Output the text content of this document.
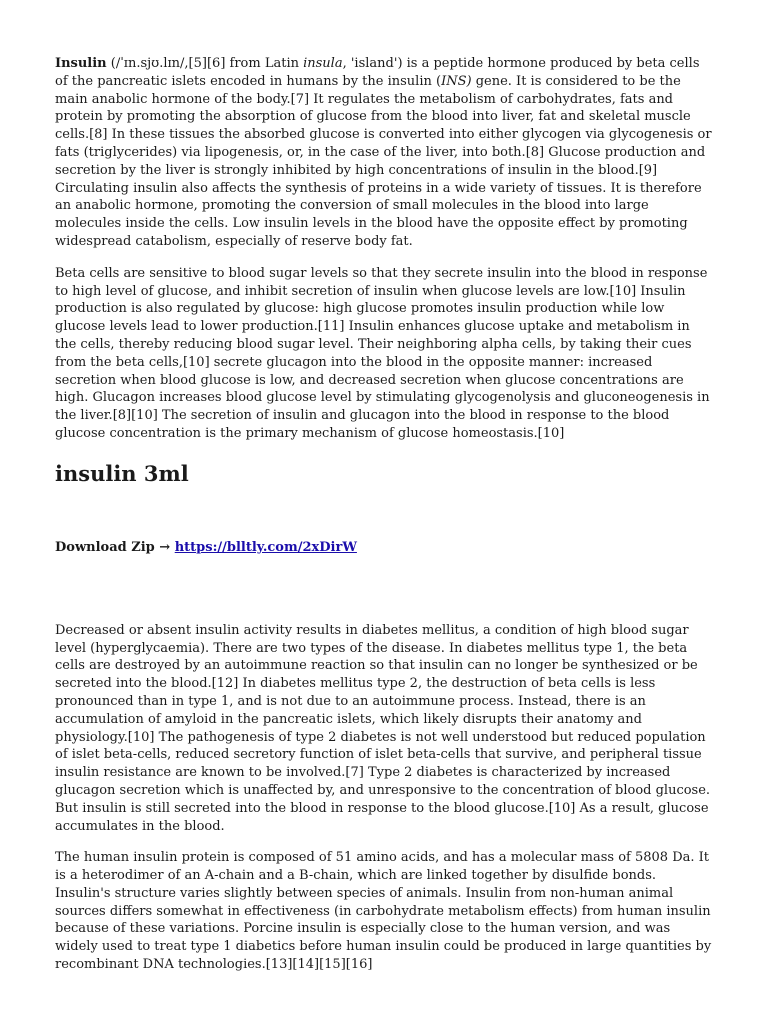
Insulin (/ˈɪn.sjʊ.lɪn/,[5][6] from Latin insula, 'island') is a peptide hormone produced by beta cells of the pancreatic islets encoded in humans by the insulin (INS) gene. It is considered to be the main anabolic hormone of the body.[7] It regulates the metabolism of carbohydrates, fats and protein by promoting the absorption of glucose from the blood into liver, fat and skeletal muscle cells.[8] In these tissues the absorbed glucose is converted into either glycogen via glycogenesis or fats (triglycerides) via lipogenesis, or, in the case of the liver, into both.[8] Glucose production and secretion by the liver is strongly inhibited by high concentrations of insulin in the blood.[9] Circulating insulin also affects the synthesis of proteins in a wide variety of tissues. It is therefore an anabolic hormone, promoting the conversion of small molecules in the blood into large molecules inside the cells. Low insulin levels in the blood have the opposite effect by promoting widespread catabolism, especially of reserve body fat.

Beta cells are sensitive to blood sugar levels so that they secrete insulin into the blood in response to high level of glucose, and inhibit secretion of insulin when glucose levels are low.[10] Insulin production is also regulated by glucose: high glucose promotes insulin production while low glucose levels lead to lower production.[11] Insulin enhances glucose uptake and metabolism in the cells, thereby reducing blood sugar level. Their neighboring alpha cells, by taking their cues from the beta cells,[10] secrete glucagon into the blood in the opposite manner: increased secretion when blood glucose is low, and decreased secretion when glucose concentrations are high. Glucagon increases blood glucose level by stimulating glycogenolysis and gluconeogenesis in the liver.[8][10] The secretion of insulin and glucagon into the blood in response to the blood glucose concentration is the primary mechanism of glucose homeostasis.[10]

insulin 3ml
Download Zip → https://blltly.com/2xDirW

Decreased or absent insulin activity results in diabetes mellitus, a condition of high blood sugar level (hyperglycaemia). There are two types of the disease. In diabetes mellitus type 1, the beta cells are destroyed by an autoimmune reaction so that insulin can no longer be synthesized or be secreted into the blood.[12] In diabetes mellitus type 2, the destruction of beta cells is less pronounced than in type 1, and is not due to an autoimmune process. Instead, there is an accumulation of amyloid in the pancreatic islets, which likely disrupts their anatomy and physiology.[10] The pathogenesis of type 2 diabetes is not well understood but reduced population of islet beta-cells, reduced secretory function of islet beta-cells that survive, and peripheral tissue insulin resistance are known to be involved.[7] Type 2 diabetes is characterized by increased glucagon secretion which is unaffected by, and unresponsive to the concentration of blood glucose. But insulin is still secreted into the blood in response to the blood glucose.[10] As a result, glucose accumulates in the blood.

The human insulin protein is composed of 51 amino acids, and has a molecular mass of 5808 Da. It is a heterodimer of an A-chain and a B-chain, which are linked together by disulfide bonds. Insulin's structure varies slightly between species of animals. Insulin from non-human animal sources differs somewhat in effectiveness (in carbohydrate metabolism effects) from human insulin because of these variations. Porcine insulin is especially close to the human version, and was widely used to treat type 1 diabetics before human insulin could be produced in large quantities by recombinant DNA technologies.[13][14][15][16]
